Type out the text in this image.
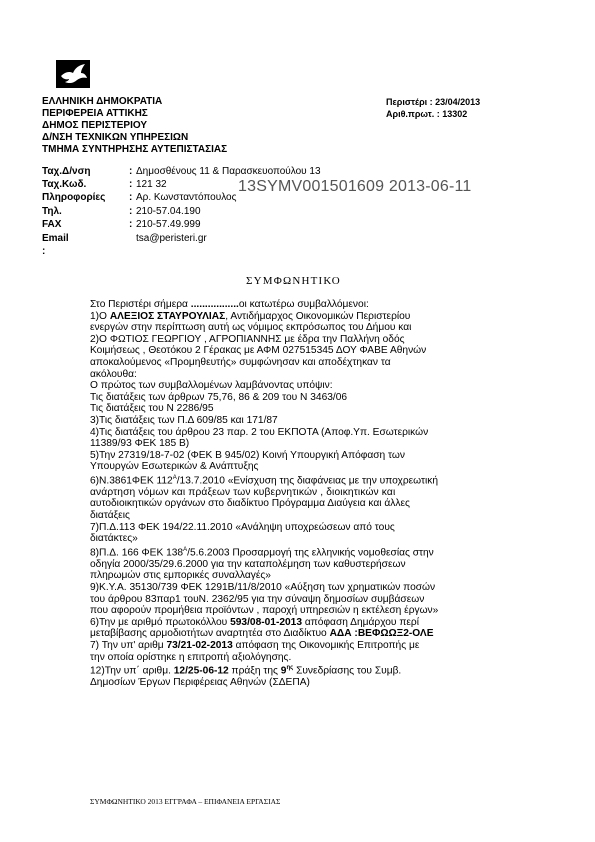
ΕΛΛΗΝΙΚΗ ΔΗΜΟΚΡΑΤΙΑ
ΠΕΡΙΦΕΡΕΙΑ ΑΤΤΙΚΗΣ
ΔΗΜΟΣ ΠΕΡΙΣΤΕΡΙΟΥ
Δ/ΝΣΗ ΤΕΧΝΙΚΩΝ ΥΠΗΡΕΣΙΩΝ
ΤΜΗΜΑ ΣΥΝΤΗΡΗΣΗΣ ΑΥΤΕΠΙΣΤΑΣΙΑΣ
Περιστέρι : 23/04/2013
Αριθ.πρωτ. : 13302
Ταχ.Δ/νση	: Δημοσθένους 11 & Παρασκευοπούλου 13
Ταχ.Κωδ.	: 121 32
Πληροφορίες : Αρ. Κωνσταντόπουλος
Τηλ.	: 210-57.04.190
FAX	: 210-57.49.999
Email	tsa@peristeri.gr
:
13SYMV001501609 2013-06-11
ΣΥΜΦΩΝΗΤΙΚΟ
Στο Περιστέρι σήμερα .................οι κατωτέρω συμβαλλόμενοι:
1)Ο ΑΛΕΞΙΟΣ ΣΤΑΥΡΟΥΛΙΑΣ, Αντιδήμαρχος Οικονομικών Περιστερίου
ενεργών στην περίπτωση αυτή ως νόμιμος εκπρόσωπος του Δήμου και
2)Ο ΦΩΤΙΟΣ ΓΕΩΡΓΙΟΥ , ΑΓΡΟΠΙΑΝΝΗΣ με έδρα την Παλλήνη οδός
Κοιμήσεως , Θεοτόκου 2 Γέρακας με ΑΦΜ 027515345 ΔΟΥ ΦΑΒΕ Αθηνών
αποκαλούμενος «Προμηθευτής» συμφώνησαν και αποδέχτηκαν τα
ακόλουθα:
Ο πρώτος των συμβαλλομένων λαμβάνοντας υπόψιν:
Τις διατάξεις των άρθρων 75,76, 86 & 209 του Ν 3463/06
Τις διατάξεις του Ν 2286/95
3)Τις διατάξεις των Π.Δ 609/85 και 171/87
4)Τις διατάξεις του άρθρου 23 παρ. 2 του ΕΚΠΟΤΑ (Αποφ.Υπ. Εσωτερικών
11389/93 ΦΕΚ 185 Β)
5)Την 27319/18-7-02 (ΦΕΚ Β 945/02) Κοινή Υπουργική Απόφαση των
Υπουργών Εσωτερικών & Ανάπτυξης
6)Ν.3861ΦΕΚ $112^A/13.7.2010$ «Ενίσχυση της διαφάνειας με την υποχρεωτική
ανάρτηση νόμων και πράξεων των κυβερνητικών , διοικητικών και
αυτοδιοικητικών οργάνων στο διαδίκτυο Πρόγραμμα Διαύγεια και άλλες
διατάξεις
7)Π.Δ.113 ΦΕΚ 194/22.11.2010 «Ανάληψη υποχρεώσεων από τους
διατάκτες»
8)Π.Δ. 166 ΦΕΚ $138^A/5.6.2003$ Προσαρμογή της ελληνικής νομοθεσίας στην
οδηγία 2000/35/29.6.2000 για την καταπολέμηση των καθυστερήσεων
πληρωμών στις εμπορικές συναλλαγές»
9)Κ.Υ.Α. 35130/739 ΦΕΚ 1291Β/11/8/2010 «Αύξηση των χρηματικών ποσών
του άρθρου 83παρ1 τουΝ. 2362/95 για την σύναψη δημοσίων συμβάσεων
που αφορούν προμήθεια προϊόντων , παροχή υπηρεσιών η εκτέλεση έργων»
6)Την με αριθμό πρωτοκόλλου 593/08-01-2013 απόφαση Δημάρχου περί
μεταβίβασης αρμοδιοτήτων αναρτητέα στο Διαδίκτυο ΑΔΑ :ΒΕΦΩΩΞ2-ΟΛΕ
7) Την υπ' αριθμ 73/21-02-2013 απόφαση της Οικονομικής Επιτροπής με
την οποία ορίστηκε η επιτροπή αξιολόγησης.
12)Την υπ΄ αριθμ. 12/25-06-12 πράξη της $9^{\eta\varsigma}$ Συνεδρίασης του Συμβ.
Δημοσίων Έργων Περιφέρειας Αθηνών (ΣΔΕΠΑ)
ΣΥΜΦΩΝΗΤΙΚΟ 2013 ΕΓΓΡΑΦΑ – ΕΠΙΦΑΝΕΙΑ ΕΡΓΑΣΙΑΣ
